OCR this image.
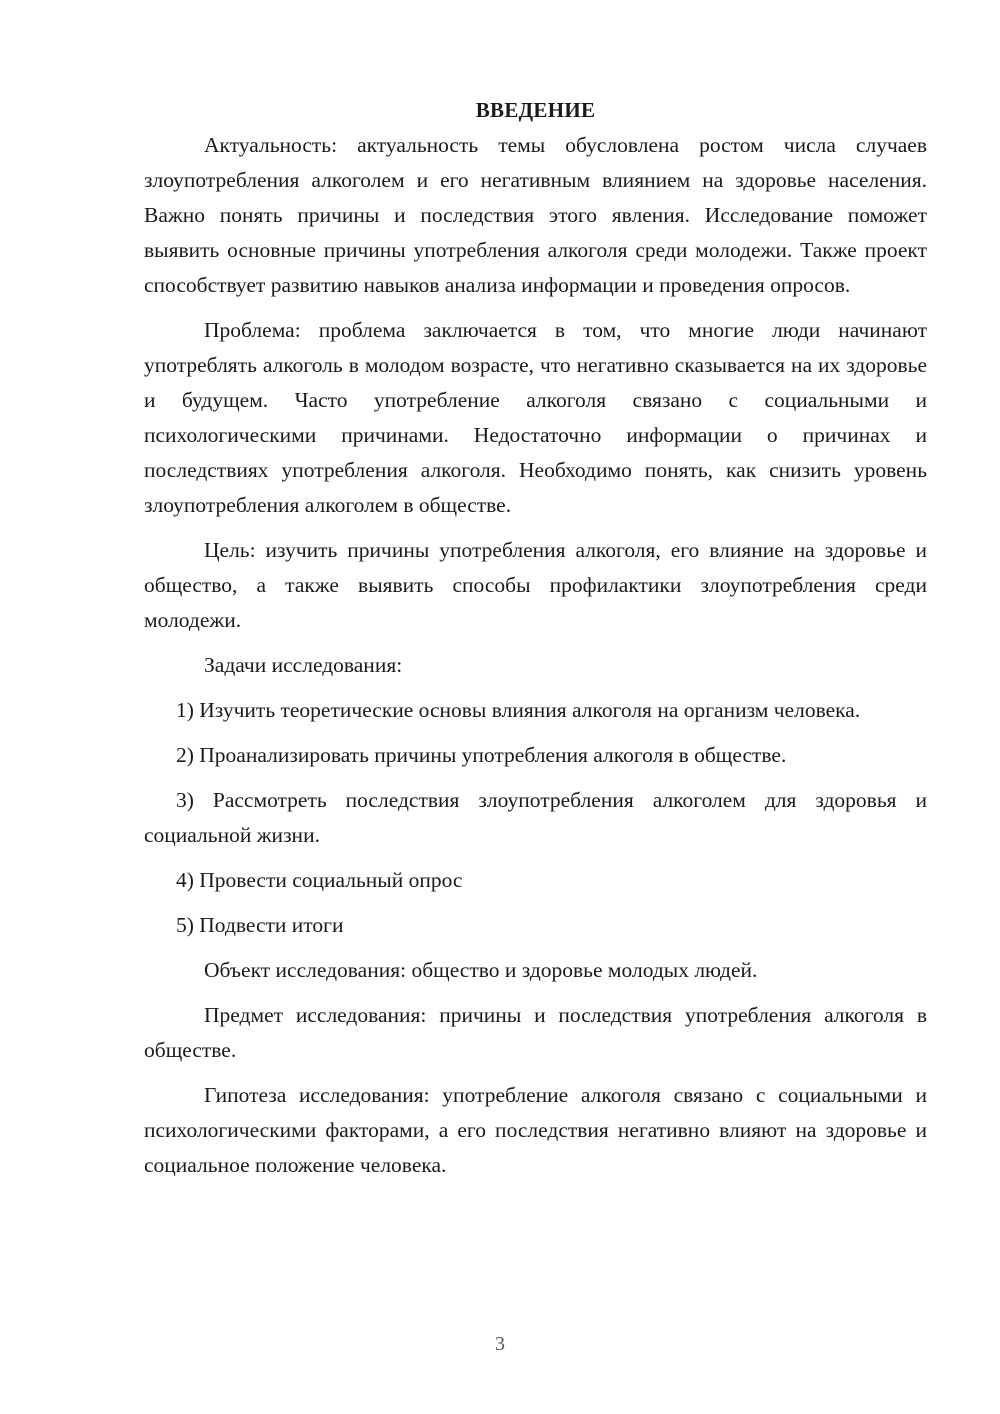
ВВЕДЕНИЕ

Актуальность: актуальность темы обусловлена ростом числа случаев злоупотребления алкоголем и его негативным влиянием на здоровье населения. Важно понять причины и последствия этого явления. Исследование поможет выявить основные причины употребления алкоголя среди молодежи. Также проект способствует развитию навыков анализа информации и проведения опросов.

Проблема: проблема заключается в том, что многие люди начинают употреблять алкоголь в молодом возрасте, что негативно сказывается на их здоровье и будущем. Часто употребление алкоголя связано с социальными и психологическими причинами. Недостаточно информации о причинах и последствиях употребления алкоголя. Необходимо понять, как снизить уровень злоупотребления алкоголем в обществе.

Цель: изучить причины употребления алкоголя, его влияние на здоровье и общество, а также выявить способы профилактики злоупотребления среди молодежи.

Задачи исследования:

1) Изучить теоретические основы влияния алкоголя на организм человека.

2) Проанализировать причины употребления алкоголя в обществе.

3) Рассмотреть последствия злоупотребления алкоголем для здоровья и социальной жизни.

4) Провести социальный опрос

5) Подвести итоги

Объект исследования: общество и здоровье молодых людей.

Предмет исследования: причины и последствия употребления алкоголя в обществе.

Гипотеза исследования: употребление алкоголя связано с социальными и психологическими факторами, а его последствия негативно влияют на здоровье и социальное положение человека.

3
